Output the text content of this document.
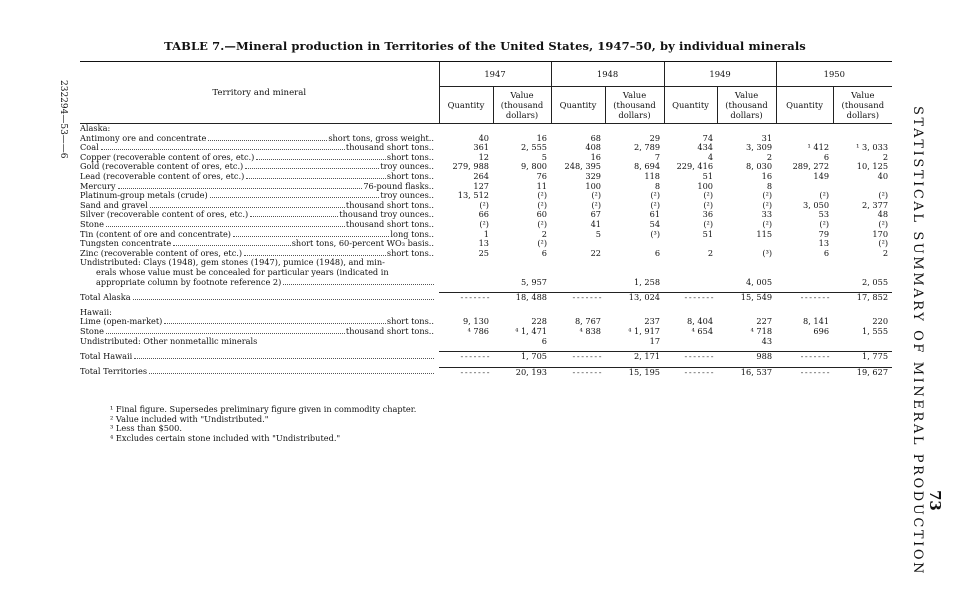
TABLE 7.—Mineral production in Territories of the United States, 1947–50, by individual minerals
232294—53——6	STATISTICAL SUMMARY OF MINERAL PRODUCTION 73
Territory and mineral	1947		1948		1949		1950	
	Quantity	Value (thousand dollars)	Quantity	Value (thousand dollars)	Quantity	Value (thousand dollars)	Quantity	Value (thousand dollars)
Alaska:								

Antimony ore and concentrate short tons, gross weight..	40	16	68	29	74	31		

Coal thousand short tons..	361	2, 555	408	2, 789	434	3, 309	¹ 412	¹ 3, 033

Copper (recoverable content of ores, etc.) short tons..	12	5	16	7	4	2	6	2

Gold (recoverable content of ores, etc.) troy ounces..	279, 988	9, 800	248, 395	8, 694	229, 416	8, 030	289, 272	10, 125

Lead (recoverable content of ores, etc.) short tons..	264	76	329	118	51	16	149	40

Mercury 76-pound flasks..	127	11	100	8	100	8		

Platinum-group metals (crude) troy ounces..	13, 512	(²)	(²)	(²)	(²)	(²)	(²)	(²)

Sand and gravel thousand short tons..	(²)	(²)	(²)	(²)	(²)	(²)	3, 050	2, 377

Silver (recoverable content of ores, etc.) thousand troy ounces..	66	60	67	61	36	33	53	48

Stone thousand short tons..	(²)	(²)	41	54	(²)	(²)	(²)	(²)

Tin (content of ore and concentrate) long tons..	1	2	5	(³)	51	115	79	170

Tungsten concentrate short tons, 60-percent WO₃ basis..	13	(²)					13	(²)

Zinc (recoverable content of ores, etc.) short tons..	25	6	22	6	2	(³)	6	2
Undistributed: Clays (1948), gem stones (1947), pumice (1948), and min-								
erals whose value must be concealed for particular years (indicated in								

appropriate column by footnote reference 2)		5, 957		1, 258		4, 005		2, 055

Total Alaska	- - - - - - -	18, 488	- - - - - - -	13, 024	- - - - - - -	15, 549	- - - - - - -	17, 852

Hawaii:								

Lime (open-market) short tons..	9, 130	228	8, 767	237	8, 404	227	8, 141	220

Stone thousand short tons..	⁴ 786	⁴ 1, 471	⁴ 838	⁴ 1, 917	⁴ 654	⁴ 718	696	1, 555
Undistributed: Other nonmetallic minerals		6		17		43		

Total Hawaii	- - - - - - -	1, 705	- - - - - - -	2, 171	- - - - - - -	988	- - - - - - -	1, 775

Total Territories	- - - - - - -	20, 193	- - - - - - -	15, 195	- - - - - - -	16, 537	- - - - - - -	19, 627
¹ Final figure. Supersedes preliminary figure given in commodity chapter.
² Value included with "Undistributed."
³ Less than $500.
⁴ Excludes certain stone included with "Undistributed."
